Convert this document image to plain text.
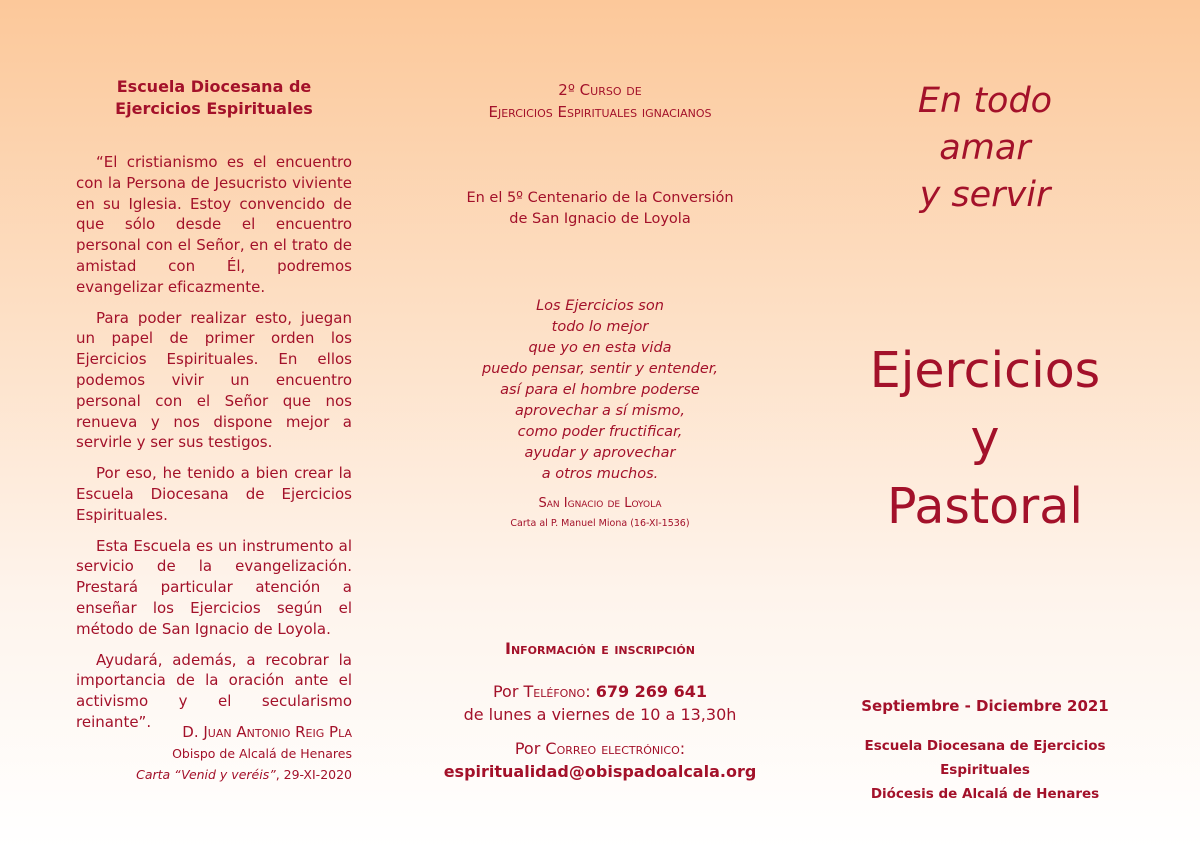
Escuela Diocesana de
Ejercicios Espirituales

“El cristianismo es el encuentro con la Persona de Jesucristo viviente en su Iglesia. Estoy convencido de que sólo desde el encuentro personal con el Señor, en el trato de amistad con Él, podremos evangelizar eficazmente.

Para poder realizar esto, juegan un papel de primer orden los Ejercicios Espirituales. En ellos podemos vivir un encuentro personal con el Señor que nos renueva y nos dispone mejor a servirle y ser sus testigos.

Por eso, he tenido a bien crear la Escuela Diocesana de Ejercicios Espirituales.

Esta Escuela es un instrumento al servicio de la evangelización. Prestará particular atención a enseñar los Ejercicios según el método de San Ignacio de Loyola.

Ayudará, además, a recobrar la importancia de la oración ante el activismo y el secularismo reinante”.

D. Juan Antonio Reig Pla
Obispo de Alcalá de Henares
Carta “Venid y veréis”, 29-XI-2020
2º Curso de
Ejercicios Espirituales ignacianos
En el 5º Centenario de la Conversión
de San Ignacio de Loyola
Los Ejercicios son
todo lo mejor
que yo en esta vida
puedo pensar, sentir y entender,
así para el hombre poderse
aprovechar a sí mismo,
como poder fructificar,
ayudar y aprovechar
a otros muchos.
San Ignacio de Loyola
Carta al P. Manuel Miona (16-XI-1536)
Información e inscripción
Por Teléfono: 679 269 641
de lunes a viernes de 10 a 13,30h
Por Correo electrónico:
espiritualidad@obispadoalcala.org
En todo
amar
y servir
Ejercicios
y
Pastoral
Septiembre - Diciembre 2021
Escuela Diocesana de Ejercicios Espirituales
Diócesis de Alcalá de Henares
